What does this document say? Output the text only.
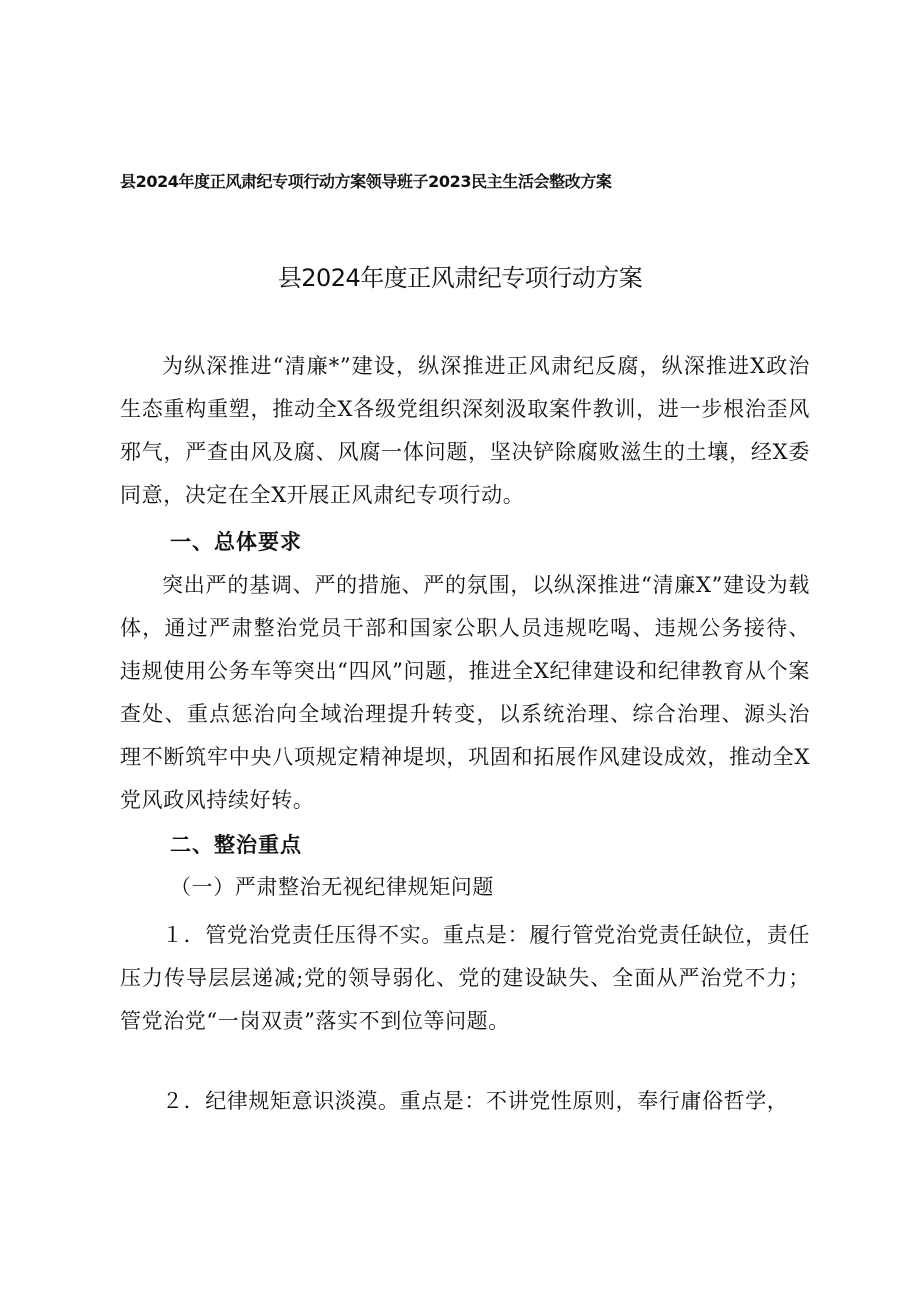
县2024年度正风肃纪专项行动方案领导班子2023民主生活会整改方案
县2024年度正风肃纪专项行动方案

为纵深推进“清廉*”建设，纵深推进正风肃纪反腐，纵深推进X政治生态重构重塑，推动全X各级党组织深刻汲取案件教训，进一步根治歪风邪气，严查由风及腐、风腐一体问题，坚决铲除腐败滋生的土壤，经X委同意，决定在全X开展正风肃纪专项行动。

一、总体要求

突出严的基调、严的措施、严的氛围，以纵深推进“清廉X”建设为载体，通过严肃整治党员干部和国家公职人员违规吃喝、违规公务接待、违规使用公务车等突出“四风”问题，推进全X纪律建设和纪律教育从个案查处、重点惩治向全域治理提升转变，以系统治理、综合治理、源头治理不断筑牢中央八项规定精神堤坝，巩固和拓展作风建设成效，推动全X党风政风持续好转。

二、整治重点
（一）严肃整治无视纪律规矩问题

１．管党治党责任压得不实。重点是：履行管党治党责任缺位，责任压力传导层层递减;党的领导弱化、党的建设缺失、全面从严治党不力；管党治党“一岗双责”落实不到位等问题。

２．纪律规矩意识淡漠。重点是：不讲党性原则，奉行庸俗哲学，
